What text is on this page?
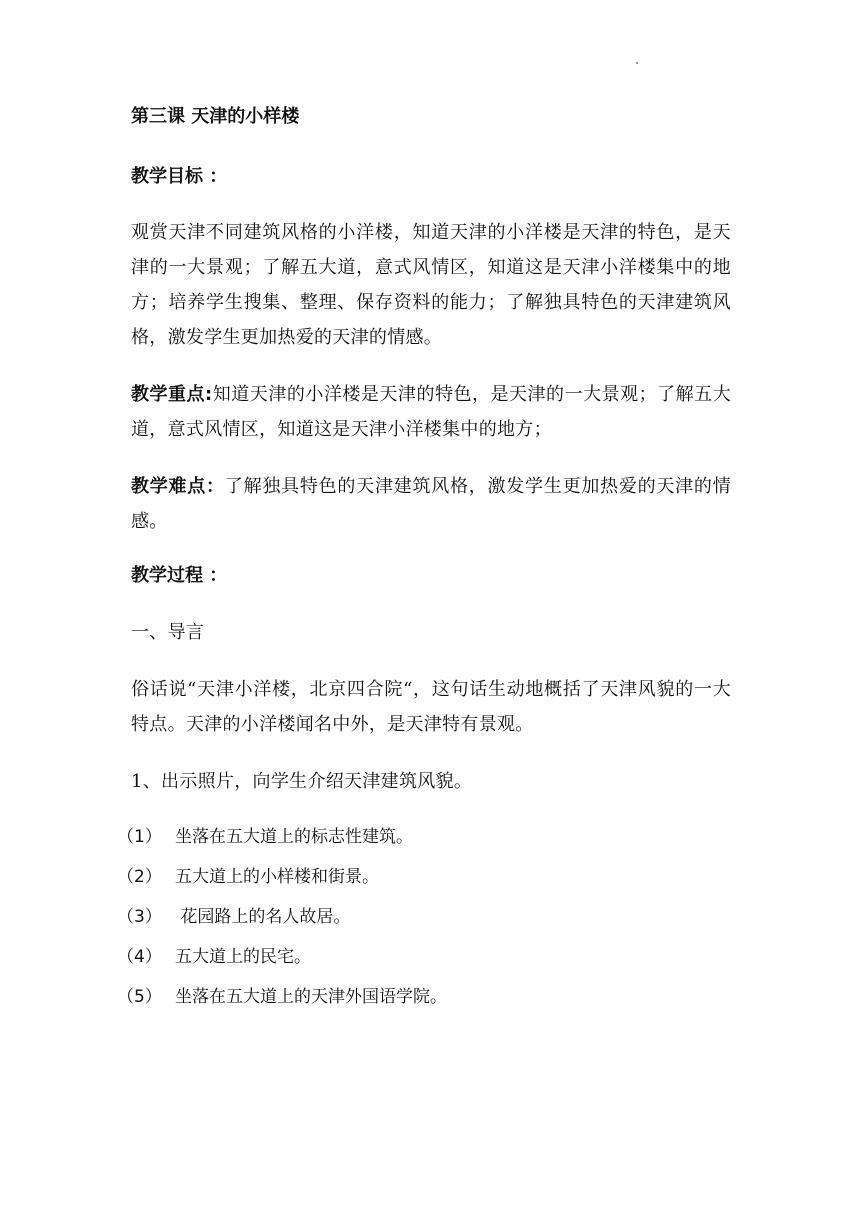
第三课 天津的小样楼

教学目标 ：

观赏天津不同建筑风格的小洋楼，知道天津的小洋楼是天津的特色，是天津的一大景观；了解五大道，意式风情区，知道这是天津小洋楼集中的地方；培养学生搜集、整理、保存资料的能力；了解独具特色的天津建筑风格，激发学生更加热爱的天津的情感。

教学重点:知道天津的小洋楼是天津的特色，是天津的一大景观；了解五大道，意式风情区，知道这是天津小洋楼集中的地方；

教学难点：了解独具特色的天津建筑风格，激发学生更加热爱的天津的情感。

教学过程 ：

一、导言

俗话说“天津小洋楼，北京四合院“，这句话生动地概括了天津风貌的一大特点。天津的小洋楼闻名中外，是天津特有景观。

1、出示照片，向学生介绍天津建筑风貌。

（1） 坐落在五大道上的标志性建筑。
（2） 五大道上的小样楼和街景。
（3） 花园路上的名人故居。
（4） 五大道上的民宅。
（5） 坐落在五大道上的天津外国语学院。
